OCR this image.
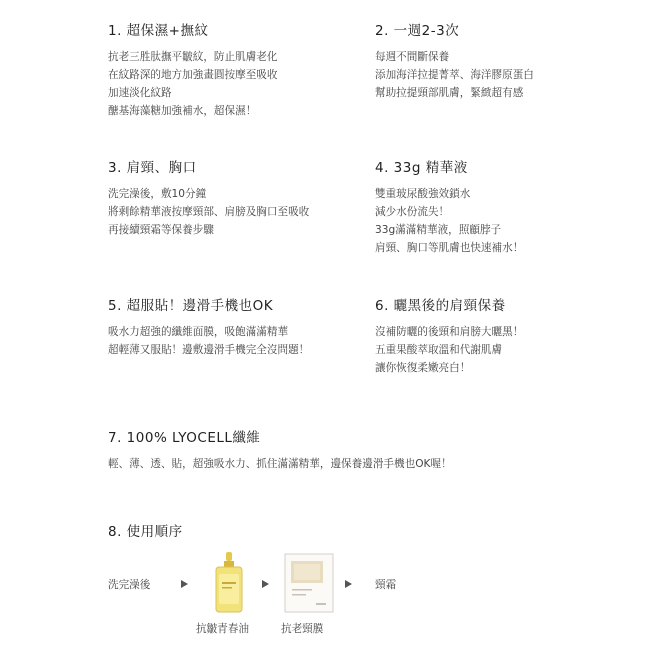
1. 超保濕+撫紋
抗老三胜肽撫平皺紋，防止肌膚老化
在紋路深的地方加強畫圓按摩至吸收
加速淡化紋路
醣基海藻糖加強補水，超保濕！
2. 一週2-3次
每週不間斷保養
添加海洋拉提菁萃、海洋膠原蛋白
幫助拉提頸部肌膚，緊緻超有感
3. 肩頸、胸口
洗完澡後，敷10分鐘
將剩餘精華液按摩頸部、肩膀及胸口至吸收
再接續頸霜等保養步驟
4. 33g 精華液
雙重玻尿酸強效鎖水
減少水份流失！
33g滿滿精華液，照顧脖子
肩頸、胸口等肌膚也快速補水！
5. 超服貼！邊滑手機也OK
吸水力超強的纖維面膜，吸飽滿滿精華
超輕薄又服貼！邊敷邊滑手機完全沒問題！
6. 曬黑後的肩頸保養
沒補防曬的後頸和肩膀大曬黑！
五重果酸萃取溫和代謝肌膚
讓你恢復柔嫩亮白！
7. 100% LYOCELL纖維
輕、薄、透、貼，超強吸水力、抓住滿滿精華，邊保養邊滑手機也OK喔！
8. 使用順序
洗完澡後	頸霜
抗皺青春油	抗老頸膜
